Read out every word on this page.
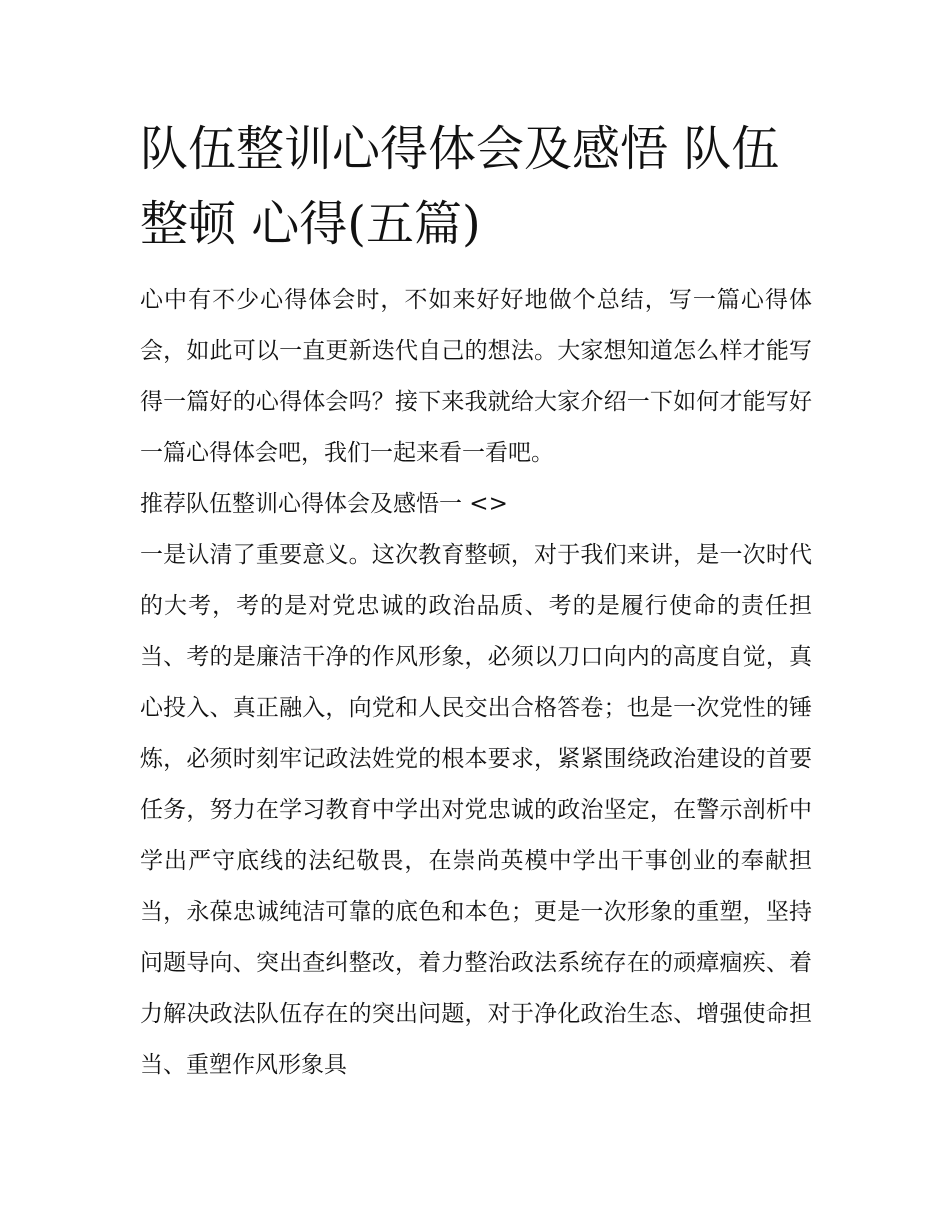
队伍整训心得体会及感悟 队伍
整顿 心得(五篇)

心中有不少心得体会时，不如来好好地做个总结，写一篇心得体会，如此可以一直更新迭代自己的想法。大家想知道怎么样才能写得一篇好的心得体会吗？接下来我就给大家介绍一下如何才能写好一篇心得体会吧，我们一起来看一看吧。

推荐队伍整训心得体会及感悟一 <>

一是认清了重要意义。这次教育整顿，对于我们来讲，是一次时代的大考，考的是对党忠诚的政治品质、考的是履行使命的责任担当、考的是廉洁干净的作风形象，必须以刀口向内的高度自觉，真心投入、真正融入，向党和人民交出合格答卷；也是一次党性的锤炼，必须时刻牢记政法姓党的根本要求，紧紧围绕政治建设的首要任务，努力在学习教育中学出对党忠诚的政治坚定，在警示剖析中学出严守底线的法纪敬畏，在崇尚英模中学出干事创业的奉献担当，永葆忠诚纯洁可靠的底色和本色；更是一次形象的重塑，坚持问题导向、突出查纠整改，着力整治政法系统存在的顽瘴痼疾、着力解决政法队伍存在的突出问题，对于净化政治生态、增强使命担当、重塑作风形象具
